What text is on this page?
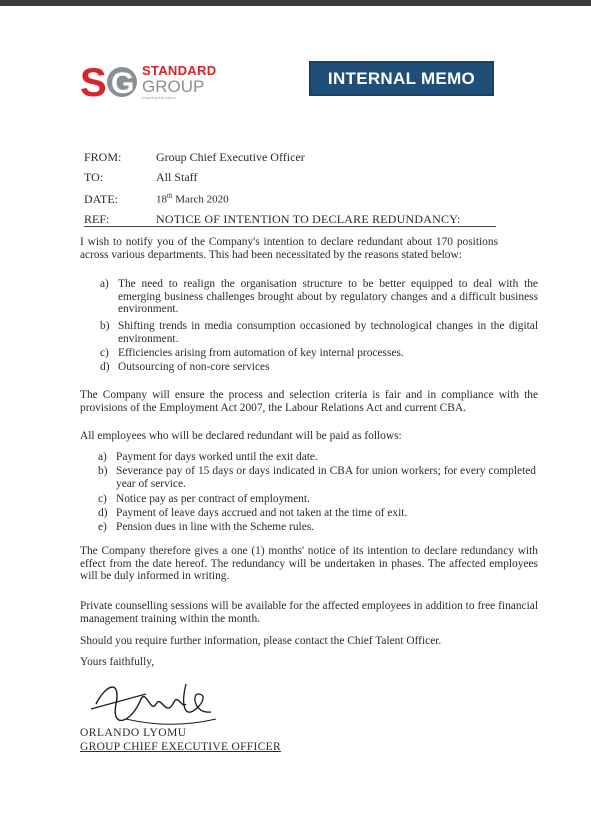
S G STANDARD
GROUP
Inspiring the nation
INTERNAL MEMO
FROM:	Group Chief Executive Officer
TO:	All Staff
DATE:	18th March 2020
REF:	NOTICE OF INTENTION TO DECLARE REDUNDANCY:
I wish to notify you of the Company's intention to declare redundant about 170 positions across various departments. This had been necessitated by the reasons stated below:
a) The need to realign the organisation structure to be better equipped to deal with the emerging business challenges brought about by regulatory changes and a difficult business environment.
b) Shifting trends in media consumption occasioned by technological changes in the digital environment.
c) Efficiencies arising from automation of key internal processes.
d) Outsourcing of non-core services
The Company will ensure the process and selection criteria is fair and in compliance with the provisions of the Employment Act 2007, the Labour Relations Act and current CBA.
All employees who will be declared redundant will be paid as follows:
a) Payment for days worked until the exit date.
b) Severance pay of 15 days or days indicated in CBA for union workers; for every completed year of service.
c) Notice pay as per contract of employment.
d) Payment of leave days accrued and not taken at the time of exit.
e) Pension dues in line with the Scheme rules.
The Company therefore gives a one (1) months' notice of its intention to declare redundancy with effect from the date hereof. The redundancy will be undertaken in phases. The affected employees will be duly informed in writing.
Private counselling sessions will be available for the affected employees in addition to free financial management training within the month.
Should you require further information, please contact the Chief Talent Officer.
Yours faithfully,
ORLANDO LYOMU
GROUP CHIEF EXECUTIVE OFFICER
